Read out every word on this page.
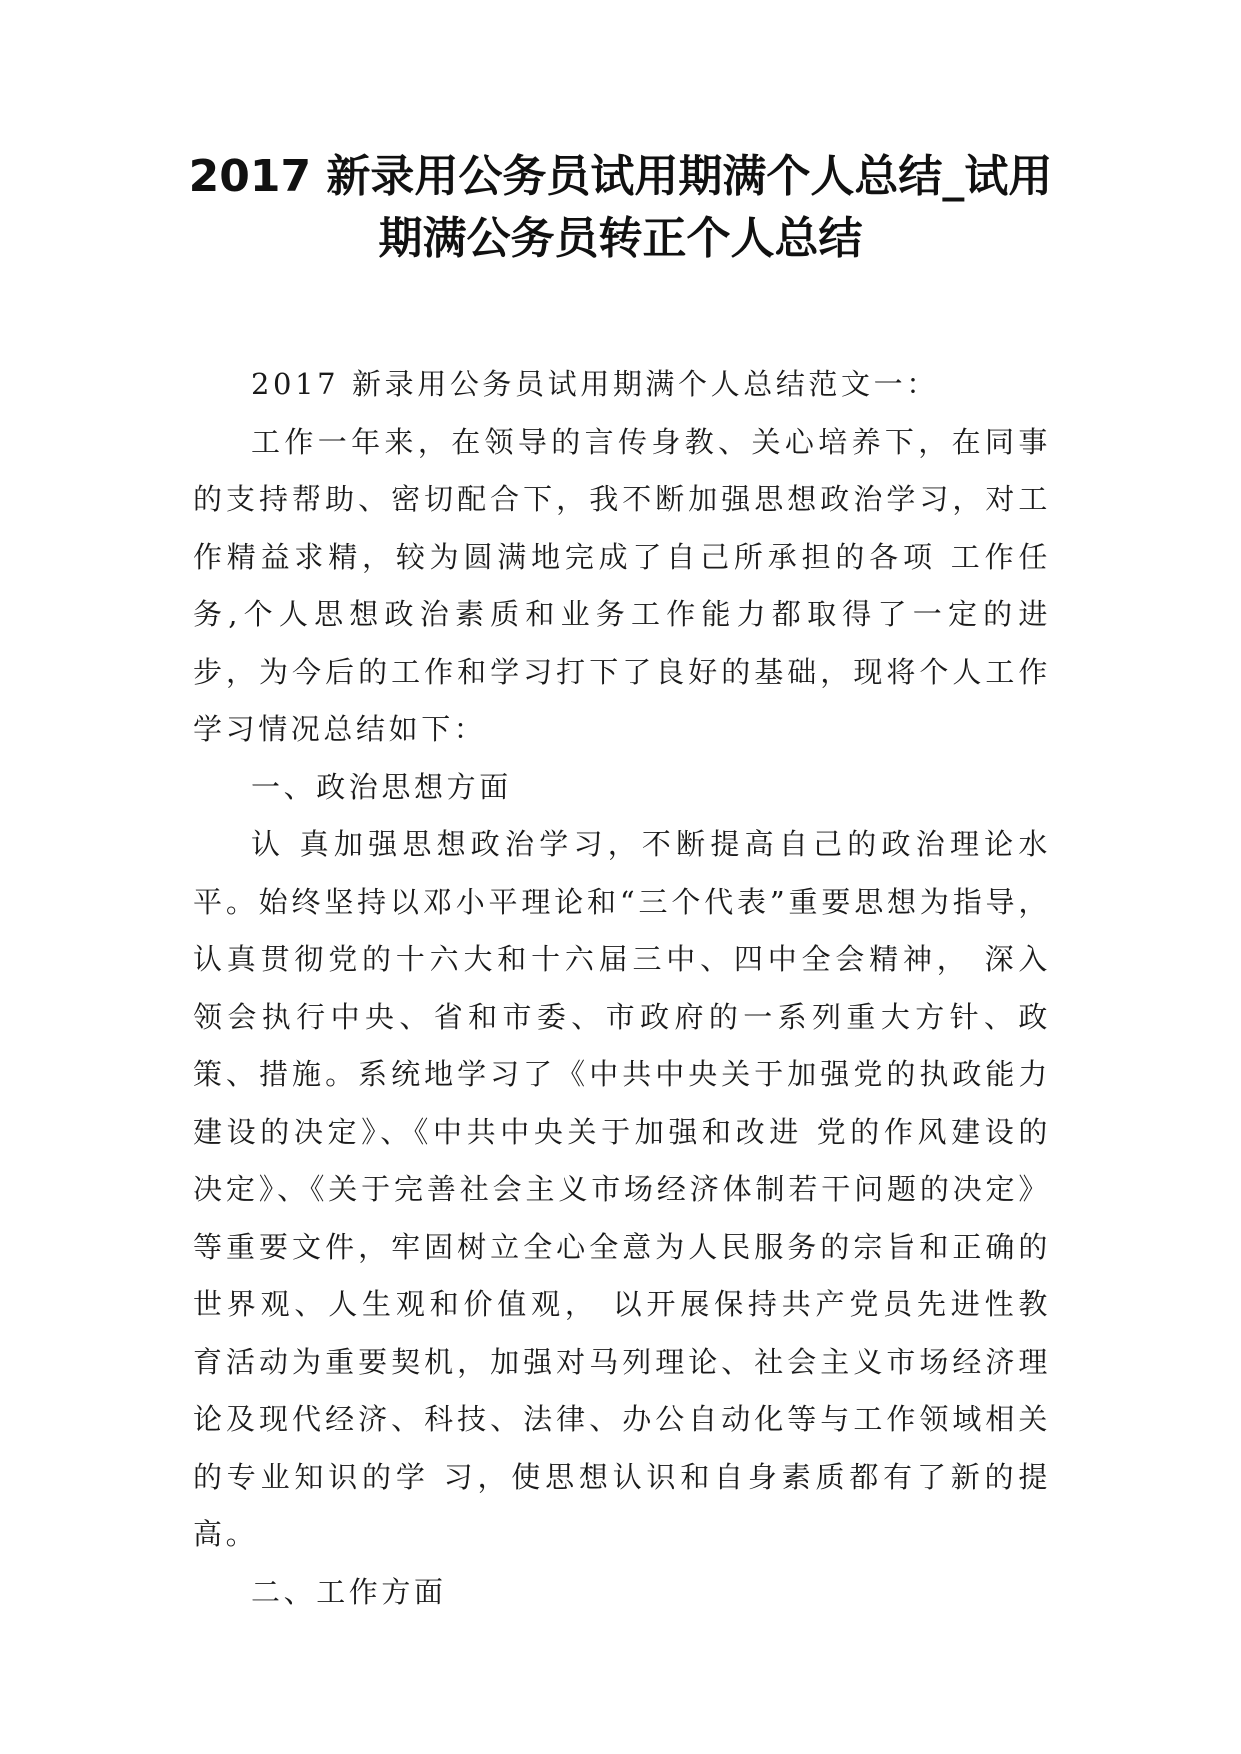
2017 新录用公务员试用期满个人总结_试用
期满公务员转正个人总结

2017 新录用公务员试用期满个人总结范文一：

工作一年来，在领导的言传身教、关心培养下，在同事的支持帮助、密切配合下，我不断加强思想政治学习，对工作精益求精，较为圆满地完成了自己所承担的各项 工作任务,个人思想政治素质和业务工作能力都取得了一定的进步，为今后的工作和学习打下了良好的基础，现将个人工作学习情况总结如下：

一、政治思想方面

认 真加强思想政治学习，不断提高自己的政治理论水平。始终坚持以邓小平理论和“三个代表”重要思想为指导，认真贯彻党的十六大和十六届三中、四中全会精神， 深入领会执行中央、省和市委、市政府的一系列重大方针、政策、措施。系统地学习了《中共中央关于加强党的执政能力建设的决定》、《中共中央关于加强和改进 党的作风建设的决定》、《关于完善社会主义市场经济体制若干问题的决定》等重要文件，牢固树立全心全意为人民服务的宗旨和正确的世界观、人生观和价值观， 以开展保持共产党员先进性教育活动为重要契机，加强对马列理论、社会主义市场经济理论及现代经济、科技、法律、办公自动化等与工作领域相关的专业知识的学 习，使思想认识和自身素质都有了新的提高。

二、工作方面
